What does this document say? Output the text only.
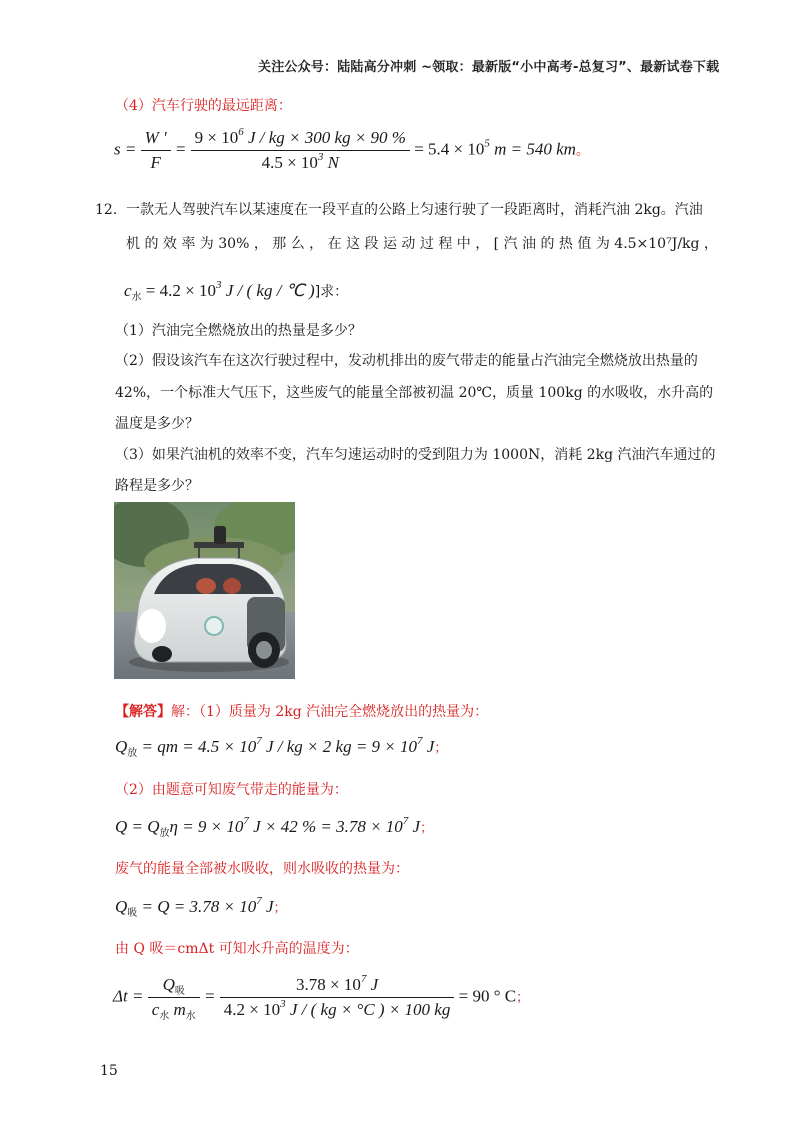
关注公众号：陆陆高分冲刺 ~领取：最新版“小中高考-总复习”、最新试卷下载
（4）汽车行驶的最远距离：
$s = \frac{W '}{F} = \frac{9 \times 10^6 J / kg \times 300 kg \times 90 \%}{4.5 \times 10^3 N} = 5.4 \times 10^5$ m = 540 km。
12. 一款无人驾驶汽车以某速度在一段平直的公路上匀速行驶了一段距离时，消耗汽油 2kg。汽油
机 的 效 率 为 30% ， 那 么 ， 在 这 段 运 动 过 程 中 ， [ 汽 油 的 热 值 为 4.5×10⁷J/kg ，
$c_水 = 4.2 \times 10^3$ J / ( kg / ℃ )]求：
（1）汽油完全燃烧放出的热量是多少？
（2）假设该汽车在这次行驶过程中，发动机排出的废气带走的能量占汽油完全燃烧放出热量的
42%，一个标准大气压下，这些废气的能量全部被初温 20℃，质量 100kg 的水吸收，水升高的
温度是多少？
（3）如果汽油机的效率不变，汽车匀速运动时的受到阻力为 1000N，消耗 2kg 汽油汽车通过的
路程是多少？
【解答】解：（1）质量为 2kg 汽油完全燃烧放出的热量为：
$Q_放$ = qm = $4.5 \times 10^7$ J / kg × 2 kg = $9 \times 10^7$ J；
（2）由题意可知废气带走的能量为：
$Q = Q_放\eta = 9 \times 10^7$ J × 42 % = $3.78 \times 10^7$ J；
废气的能量全部被水吸收，则水吸收的热量为：
$Q_吸 = Q = 3.78 \times 10^7$ J；
由 Q 吸＝cmΔt 可知水升高的温度为：
$\Delta t = \frac{Q_吸}{c_水 m_水} = \frac{3.78 \times 10^7 J}{4.2 \times 10^3 J / ( kg \times ^\circ C ) \times 100 kg} = 90$ ° C；
15
